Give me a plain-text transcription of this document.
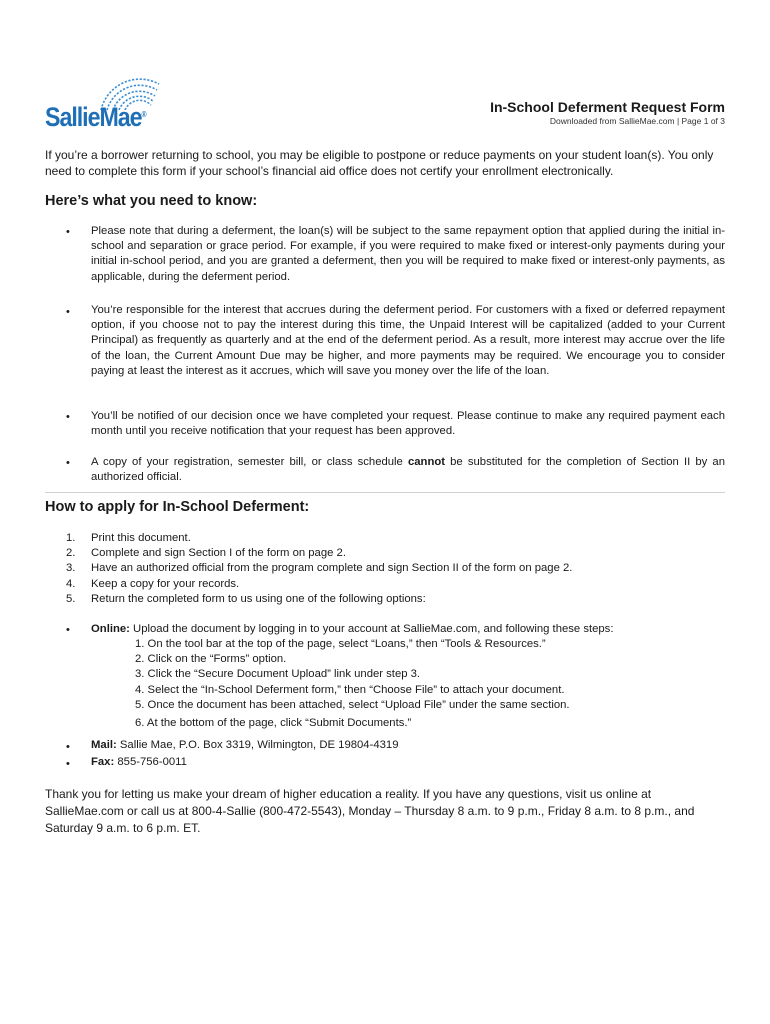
SallieMae®	In-School Deferment Request Form
Downloaded from SallieMae.com | Page 1 of 3
If you’re a borrower returning to school, you may be eligible to postpone or reduce payments on your student loan(s). You only need to complete this form if your school’s financial aid office does not certify your enrollment electronically.
Here’s what you need to know:
• Please note that during a deferment, the loan(s) will be subject to the same repayment option that applied during the initial in-school and separation or grace period. For example, if you were required to make fixed or interest-only payments during your initial in-school period, and you are granted a deferment, then you will be required to make fixed or interest-only payments, as applicable, during the deferment period.
• You’re responsible for the interest that accrues during the deferment period. For customers with a fixed or deferred repayment option, if you choose not to pay the interest during this time, the Unpaid Interest will be capitalized (added to your Current Principal) as frequently as quarterly and at the end of the deferment period. As a result, more interest may accrue over the life of the loan, the Current Amount Due may be higher, and more payments may be required. We encourage you to consider paying at least the interest as it accrues, which will save you money over the life of the loan.
• You’ll be notified of our decision once we have completed your request. Please continue to make any required payment each month until you receive notification that your request has been approved.
• A copy of your registration, semester bill, or class schedule cannot be substituted for the completion of Section II by an authorized official.
How to apply for In-School Deferment:
1.	Print this document.
2.	Complete and sign Section I of the form on page 2.
3.	Have an authorized official from the program complete and sign Section II of the form on page 2.
4.	Keep a copy for your records.
5.	Return the completed form to us using one of the following options:
• Online: Upload the document by logging in to your account at SallieMae.com, and following these steps:
1. On the tool bar at the top of the page, select “Loans,” then “Tools & Resources.”
2. Click on the “Forms” option.
3. Click the “Secure Document Upload” link under step 3.
4. Select the “In-School Deferment form,” then “Choose File” to attach your document.
5. Once the document has been attached, select “Upload File” under the same section.
6. At the bottom of the page, click “Submit Documents.”
• Mail: Sallie Mae, P.O. Box 3319, Wilmington, DE 19804-4319
• Fax: 855-756-0011
Thank you for letting us make your dream of higher education a reality. If you have any questions, visit us online at SallieMae.com or call us at 800-4-Sallie (800-472-5543), Monday – Thursday 8 a.m. to 9 p.m., Friday 8 a.m. to 8 p.m., and Saturday 9 a.m. to 6 p.m. ET.
